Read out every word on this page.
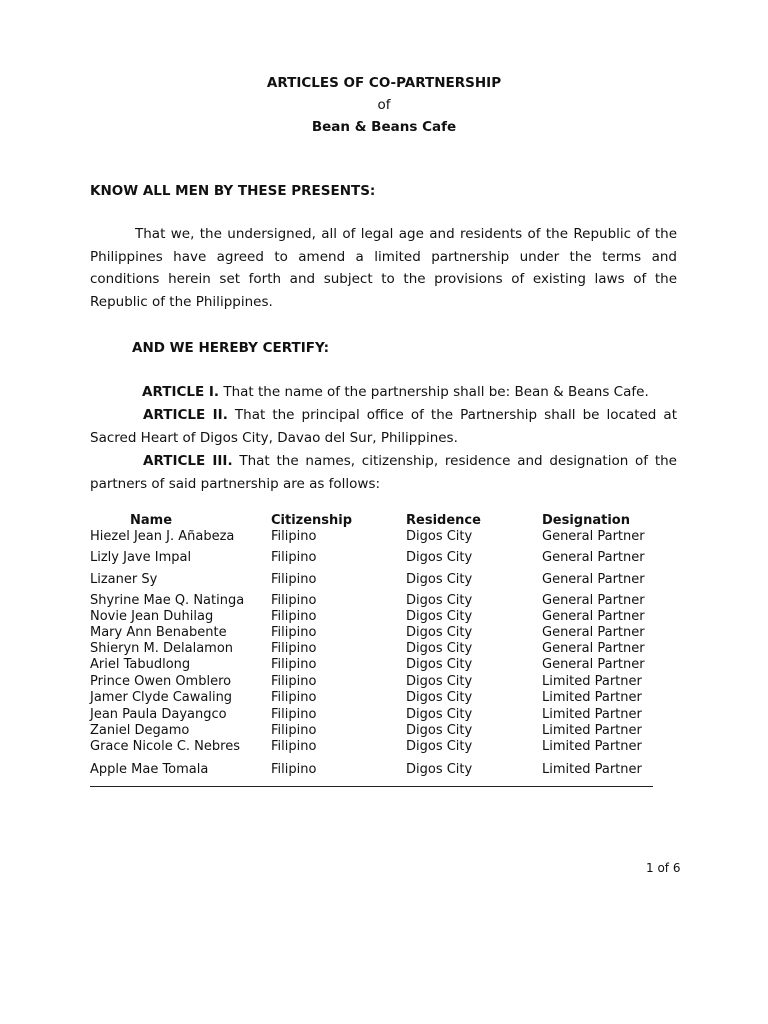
ARTICLES OF CO-PARTNERSHIP
of
Bean & Beans Cafe
KNOW ALL MEN BY THESE PRESENTS:
That we, the undersigned, all of legal age and residents of the Republic of the Philippines have agreed to amend a limited partnership under the terms and conditions herein set forth and subject to the provisions of existing laws of the Republic of the Philippines.
AND WE HEREBY CERTIFY:
ARTICLE I. That the name of the partnership shall be: Bean & Beans Cafe.
ARTICLE II. That the principal office of the Partnership shall be located at Sacred Heart of Digos City, Davao del Sur, Philippines.
ARTICLE III. That the names, citizenship, residence and designation of the partners of said partnership are as follows:
Name	Citizenship	Residence	Designation
Hiezel Jean J. Añabeza	Filipino	Digos City	General Partner
Lizly Jave Impal	Filipino	Digos City	General Partner
Lizaner Sy	Filipino	Digos City	General Partner
Shyrine Mae Q. Natinga Filipino	Digos City	General Partner
Novie Jean Duhilag	Filipino	Digos City	General Partner
Mary Ann Benabente	Filipino	Digos City	General Partner
Shieryn M. Delalamon	Filipino	Digos City	General Partner
Ariel Tabudlong	Filipino	Digos City	General Partner
Prince Owen Omblero	Filipino	Digos City	Limited Partner
Jamer Clyde Cawaling	Filipino	Digos City	Limited Partner
Jean Paula Dayangco	Filipino	Digos City	Limited Partner
Zaniel Degamo	Filipino	Digos City	Limited Partner
Grace Nicole C. Nebres Filipino	Digos City	Limited Partner
Apple Mae Tomala	Filipino	Digos City	Limited Partner
1 of 6
